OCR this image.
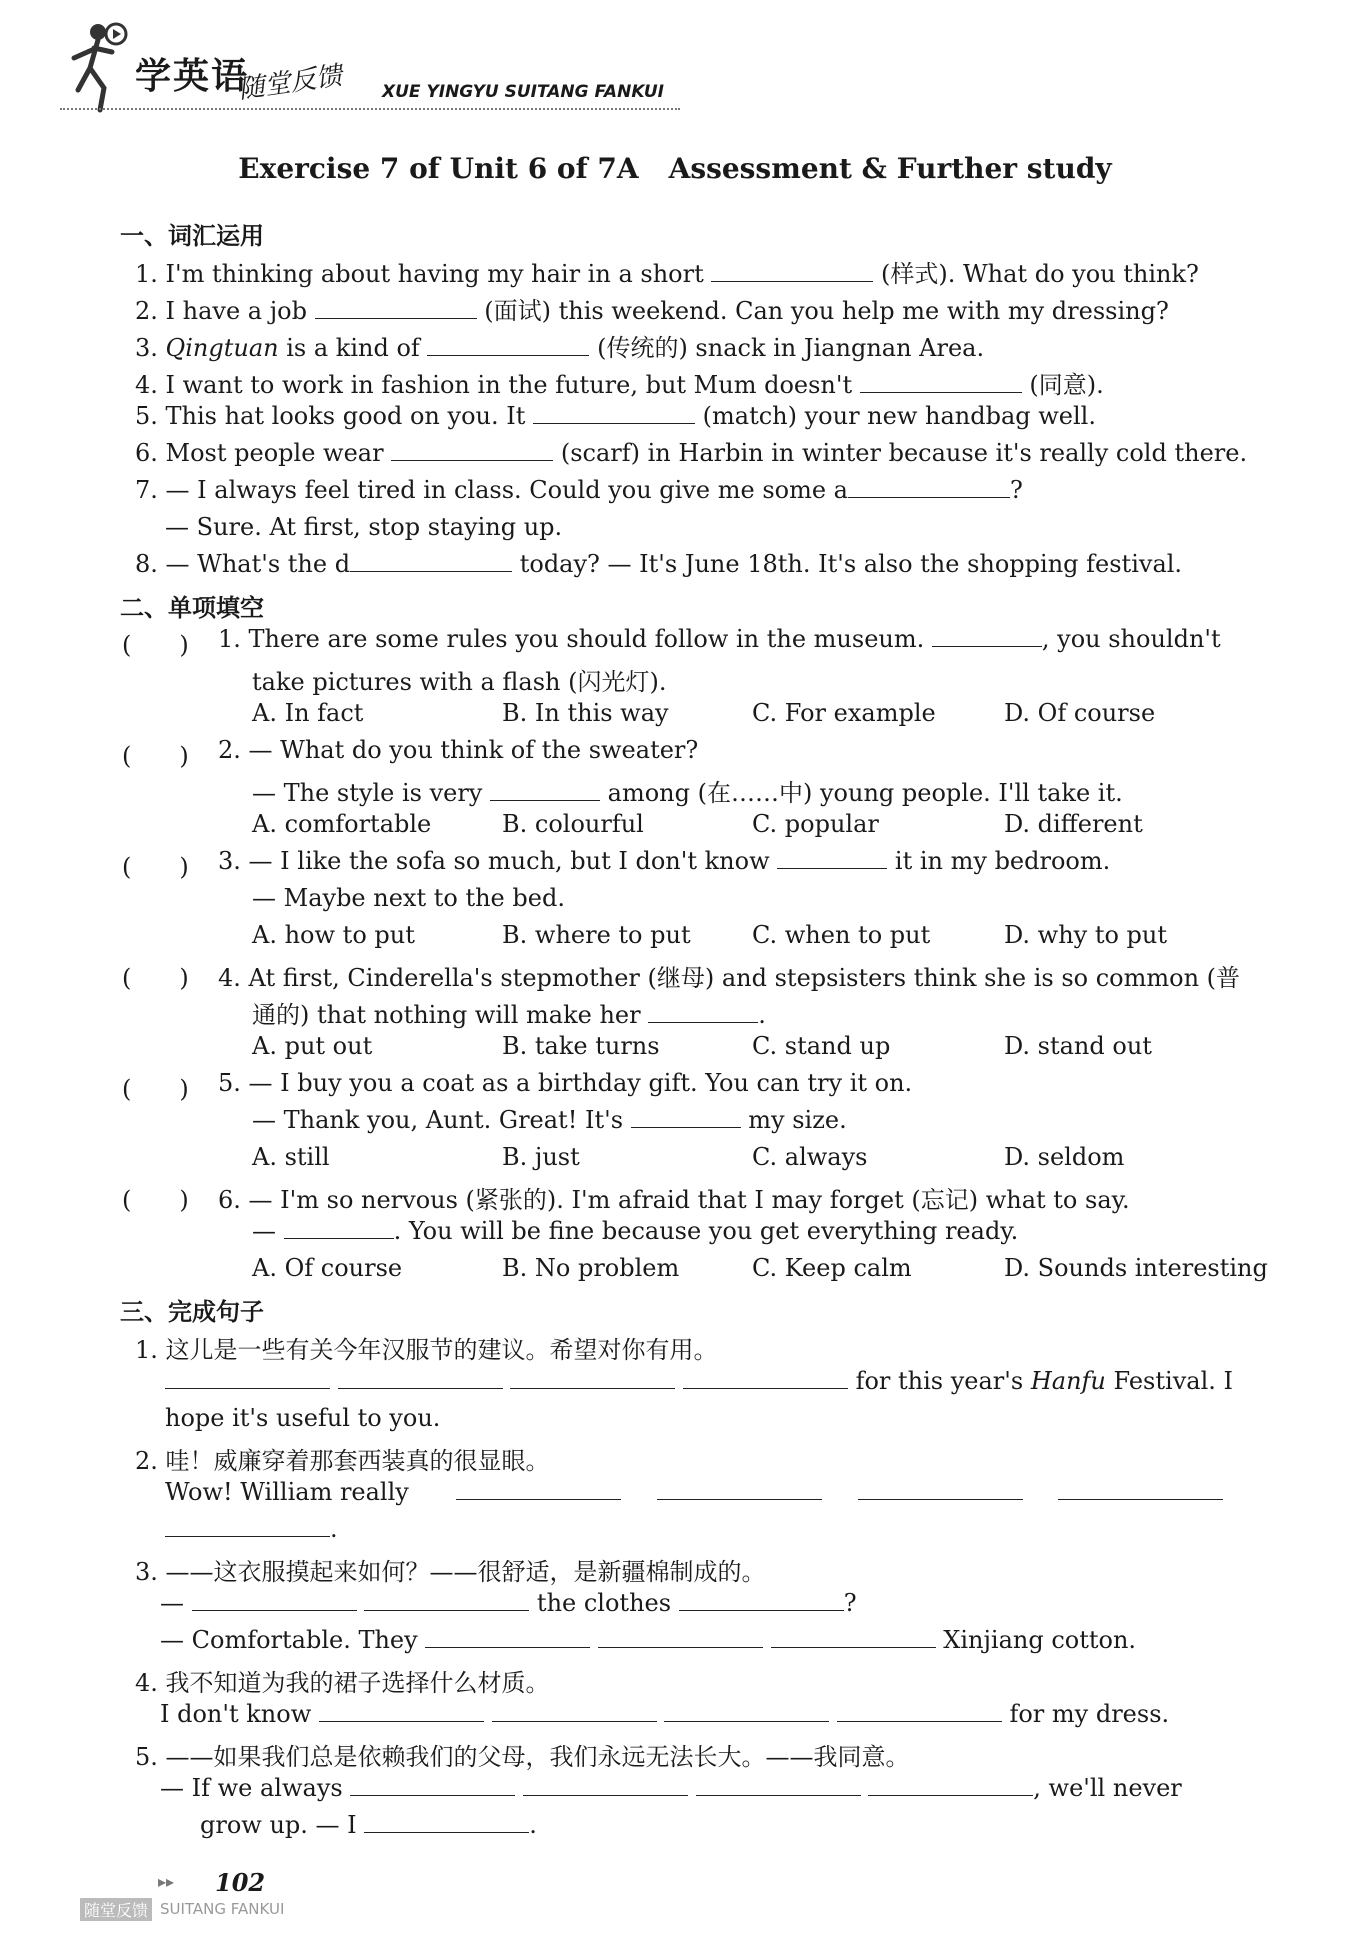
学英语
随堂反馈 XUE YINGYU SUITANG FANKUI
Exercise 7 of Unit 6 of 7A Assessment & Further study
一、词汇运用
1. I'm thinking about having my hair in a short	(样式). What do you think?
2. I have a job	(面试) this weekend. Can you help me with my dressing?
3. Qingtuan is a kind of	(传统的) snack in Jiangnan Area.
4. I want to work in fashion in the future, but Mum doesn't	(同意).
5. This hat looks good on you. It	(match) your new handbag well.
6. Most people wear	(scarf) in Harbin in winter because it's really cold there.
7. — I always feel tired in class. Could you give me some a	?
— Sure. At first, stop staying up.
8. — What's the d	today? — It's June 18th. It's also the shopping festival.
二、单项填空
(　　) 1. There are some rules you should follow in the museum.	, you shouldn't
take pictures with a flash (闪光灯).
A. In fact	B. In this way	C. For example	D. Of course
(　　) 2. — What do you think of the sweater?
— The style is very	among (在……中) young people. I'll take it.
A. comfortable	B. colourful	C. popular	D. different
(　　) 3. — I like the sofa so much, but I don't know	it in my bedroom.
— Maybe next to the bed.
A. how to put	B. where to put	C. when to put	D. why to put
(　　) 4. At first, Cinderella's stepmother (继母) and stepsisters think she is so common (普
通的) that nothing will make her	.
A. put out	B. take turns	C. stand up	D. stand out
(　　) 5. — I buy you a coat as a birthday gift. You can try it on.
— Thank you, Aunt. Great! It's	my size.
A. still	B. just	C. always	D. seldom
(　　) 6. — I'm so nervous (紧张的). I'm afraid that I may forget (忘记) what to say.
—	. You will be fine because you get everything ready.
A. Of course	B. No problem	C. Keep calm	D. Sounds interesting
三、完成句子
1. 这儿是一些有关今年汉服节的建议。希望对你有用。
for this year's Hanfu Festival. I
hope it's useful to you.
2. 哇！威廉穿着那套西装真的很显眼。
Wow! William really
.
3. ——这衣服摸起来如何？——很舒适，是新疆棉制成的。
—	the clothes	?
— Comfortable. They	Xinjiang cotton.
4. 我不知道为我的裙子选择什么材质。
I don't know	for my dress.
5. ——如果我们总是依赖我们的父母，我们永远无法长大。——我同意。
— If we always	, we'll never
grow up. — I	.
▸▸ 102
随堂反馈 SUITANG FANKUI
